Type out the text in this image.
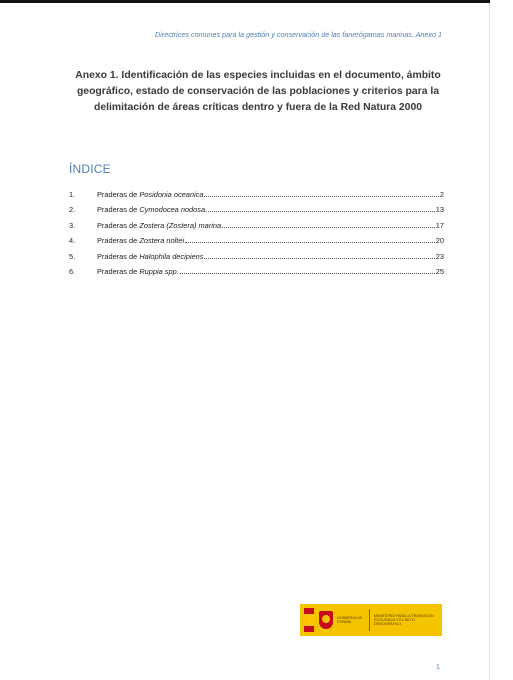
Directrices comunes para la gestión y conservación de las fanerógamas marinas. Anexo 1
Anexo 1. Identificación de las especies incluidas en el documento, ámbito geográfico, estado de conservación de las poblaciones y criterios para la delimitación de áreas críticas dentro y fuera de la Red Natura 2000
ÍNDICE
1.	Praderas de Posidonia oceanica	2
2.	Praderas de Cymodocea nodosa.	13
3.	Praderas de Zostera (Zostera) marina	17
4.	Praderas de Zostera noltei	20
5.	Praderas de Halophila decipiens	23
6.	Praderas de Ruppia spp.	25
GOBIERNO DE ESPAÑA
MINISTERIO PARA LA TRANSICIÓN ECOLÓGICA Y EL RETO DEMOGRÁFICO
1
